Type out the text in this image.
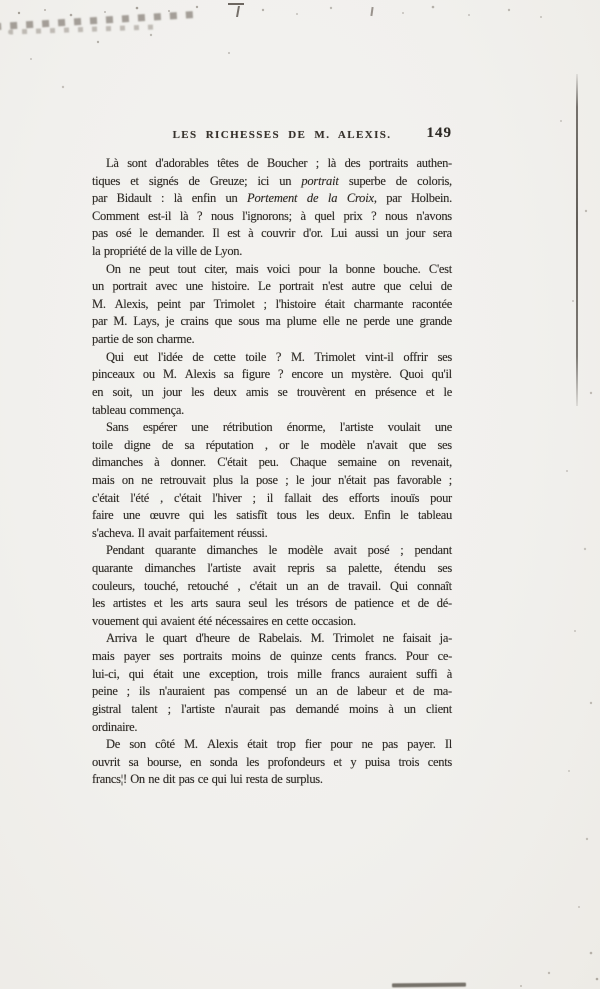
LES RICHESSES DE M. ALEXIS.	149
Là sont d'adorables têtes de Boucher ; là des portraits authen-
tiques et signés de Greuze; ici un portrait superbe de coloris,
par Bidault : là enfin un Portement de la Croix , par Holbein.
Comment est-il là ? nous l'ignorons; à quel prix ? nous n'avons
pas osé le demander. Il est à couvrir d'or. Lui aussi un jour sera
la propriété de la ville de Lyon.
On ne peut tout citer, mais voici pour la bonne bouche. C'est
un portrait avec une histoire. Le portrait n'est autre que celui de
M. Alexis, peint par Trimolet ; l'histoire était charmante racontée
par M. Lays, je crains que sous ma plume elle ne perde une grande
partie de son charme.
Qui eut l'idée de cette toile ? M. Trimolet vint-il offrir ses
pinceaux ou M. Alexis sa figure ? encore un mystère. Quoi qu'il
en soit, un jour les deux amis se trouvèrent en présence et le
tableau commença.
Sans espérer une rétribution énorme, l'artiste voulait une
toile digne de sa réputation , or le modèle n'avait que ses
dimanches à donner. C'était peu. Chaque semaine on revenait,
mais on ne retrouvait plus la pose ; le jour n'était pas favorable ;
c'était l'été , c'était l'hiver ; il fallait des efforts inouïs pour
faire une œuvre qui les satisfît tous les deux. Enfin le tableau
s'acheva. Il avait parfaitement réussi.
Pendant quarante dimanches le modèle avait posé ; pendant
quarante dimanches l'artiste avait repris sa palette, étendu ses
couleurs, touché, retouché , c'était un an de travail. Qui connaît
les artistes et les arts saura seul les trésors de patience et de dé-
vouement qui avaient été nécessaires en cette occasion.
Arriva le quart d'heure de Rabelais. M. Trimolet ne faisait ja-
mais payer ses portraits moins de quinze cents francs. Pour ce-
lui-ci, qui était une exception, trois mille francs auraient suffi à
peine ; ils n'auraient pas compensé un an de labeur et de ma-
gistral talent ; l'artiste n'aurait pas demandé moins à un client
ordinaire.
De son côté M. Alexis était trop fier pour ne pas payer. Il
ouvrit sa bourse, en sonda les profondeurs et y puisa trois cents
francs¦! On ne dit pas ce qui lui resta de surplus.
